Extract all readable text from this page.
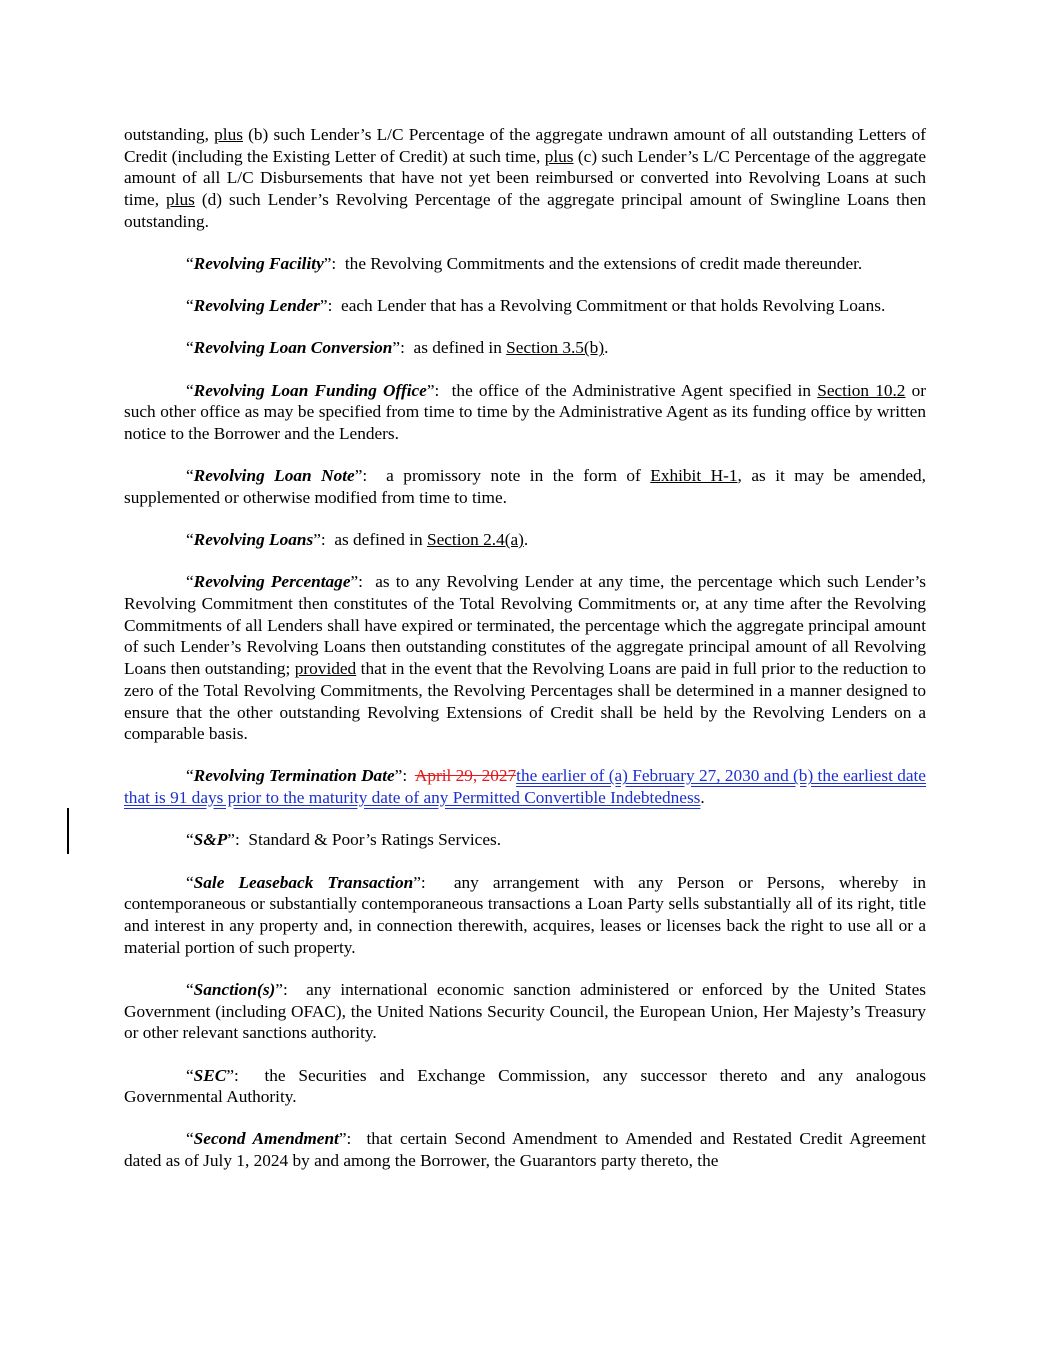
outstanding, plus (b) such Lender’s L/C Percentage of the aggregate undrawn amount of all outstanding Letters of Credit (including the Existing Letter of Credit) at such time, plus (c) such Lender’s L/C Percentage of the aggregate amount of all L/C Disbursements that have not yet been reimbursed or converted into Revolving Loans at such time, plus (d) such Lender’s Revolving Percentage of the aggregate principal amount of Swingline Loans then outstanding.

“Revolving Facility”:  the Revolving Commitments and the extensions of credit made thereunder.

“Revolving Lender”:  each Lender that has a Revolving Commitment or that holds Revolving Loans.

“Revolving Loan Conversion”:  as defined in Section 3.5(b).

“Revolving Loan Funding Office”:  the office of the Administrative Agent specified in Section 10.2 or such other office as may be specified from time to time by the Administrative Agent as its funding office by written notice to the Borrower and the Lenders.

“Revolving Loan Note”:  a promissory note in the form of Exhibit H-1, as it may be amended, supplemented or otherwise modified from time to time.

“Revolving Loans”:  as defined in Section 2.4(a).

“Revolving Percentage”:  as to any Revolving Lender at any time, the percentage which such Lender’s Revolving Commitment then constitutes of the Total Revolving Commitments or, at any time after the Revolving Commitments of all Lenders shall have expired or terminated, the percentage which the aggregate principal amount of such Lender’s Revolving Loans then outstanding constitutes of the aggregate principal amount of all Revolving Loans then outstanding; provided that in the event that the Revolving Loans are paid in full prior to the reduction to zero of the Total Revolving Commitments, the Revolving Percentages shall be determined in a manner designed to ensure that the other outstanding Revolving Extensions of Credit shall be held by the Revolving Lenders on a comparable basis.

“Revolving Termination Date”:  April 29, 2027the earlier of (a) February 27, 2030 and (b) the earliest date that is 91 days prior to the maturity date of any Permitted Convertible Indebtedness.

“S&P”:  Standard & Poor’s Ratings Services.

“Sale Leaseback Transaction”:  any arrangement with any Person or Persons, whereby in contemporaneous or substantially contemporaneous transactions a Loan Party sells substantially all of its right, title and interest in any property and, in connection therewith, acquires, leases or licenses back the right to use all or a material portion of such property.

“Sanction(s)”:  any international economic sanction administered or enforced by the United States Government (including OFAC), the United Nations Security Council, the European Union, Her Majesty’s Treasury or other relevant sanctions authority.

“SEC”:  the Securities and Exchange Commission, any successor thereto and any analogous Governmental Authority.

“Second Amendment”:  that certain Second Amendment to Amended and Restated Credit Agreement dated as of July 1, 2024 by and among the Borrower, the Guarantors party thereto, the
